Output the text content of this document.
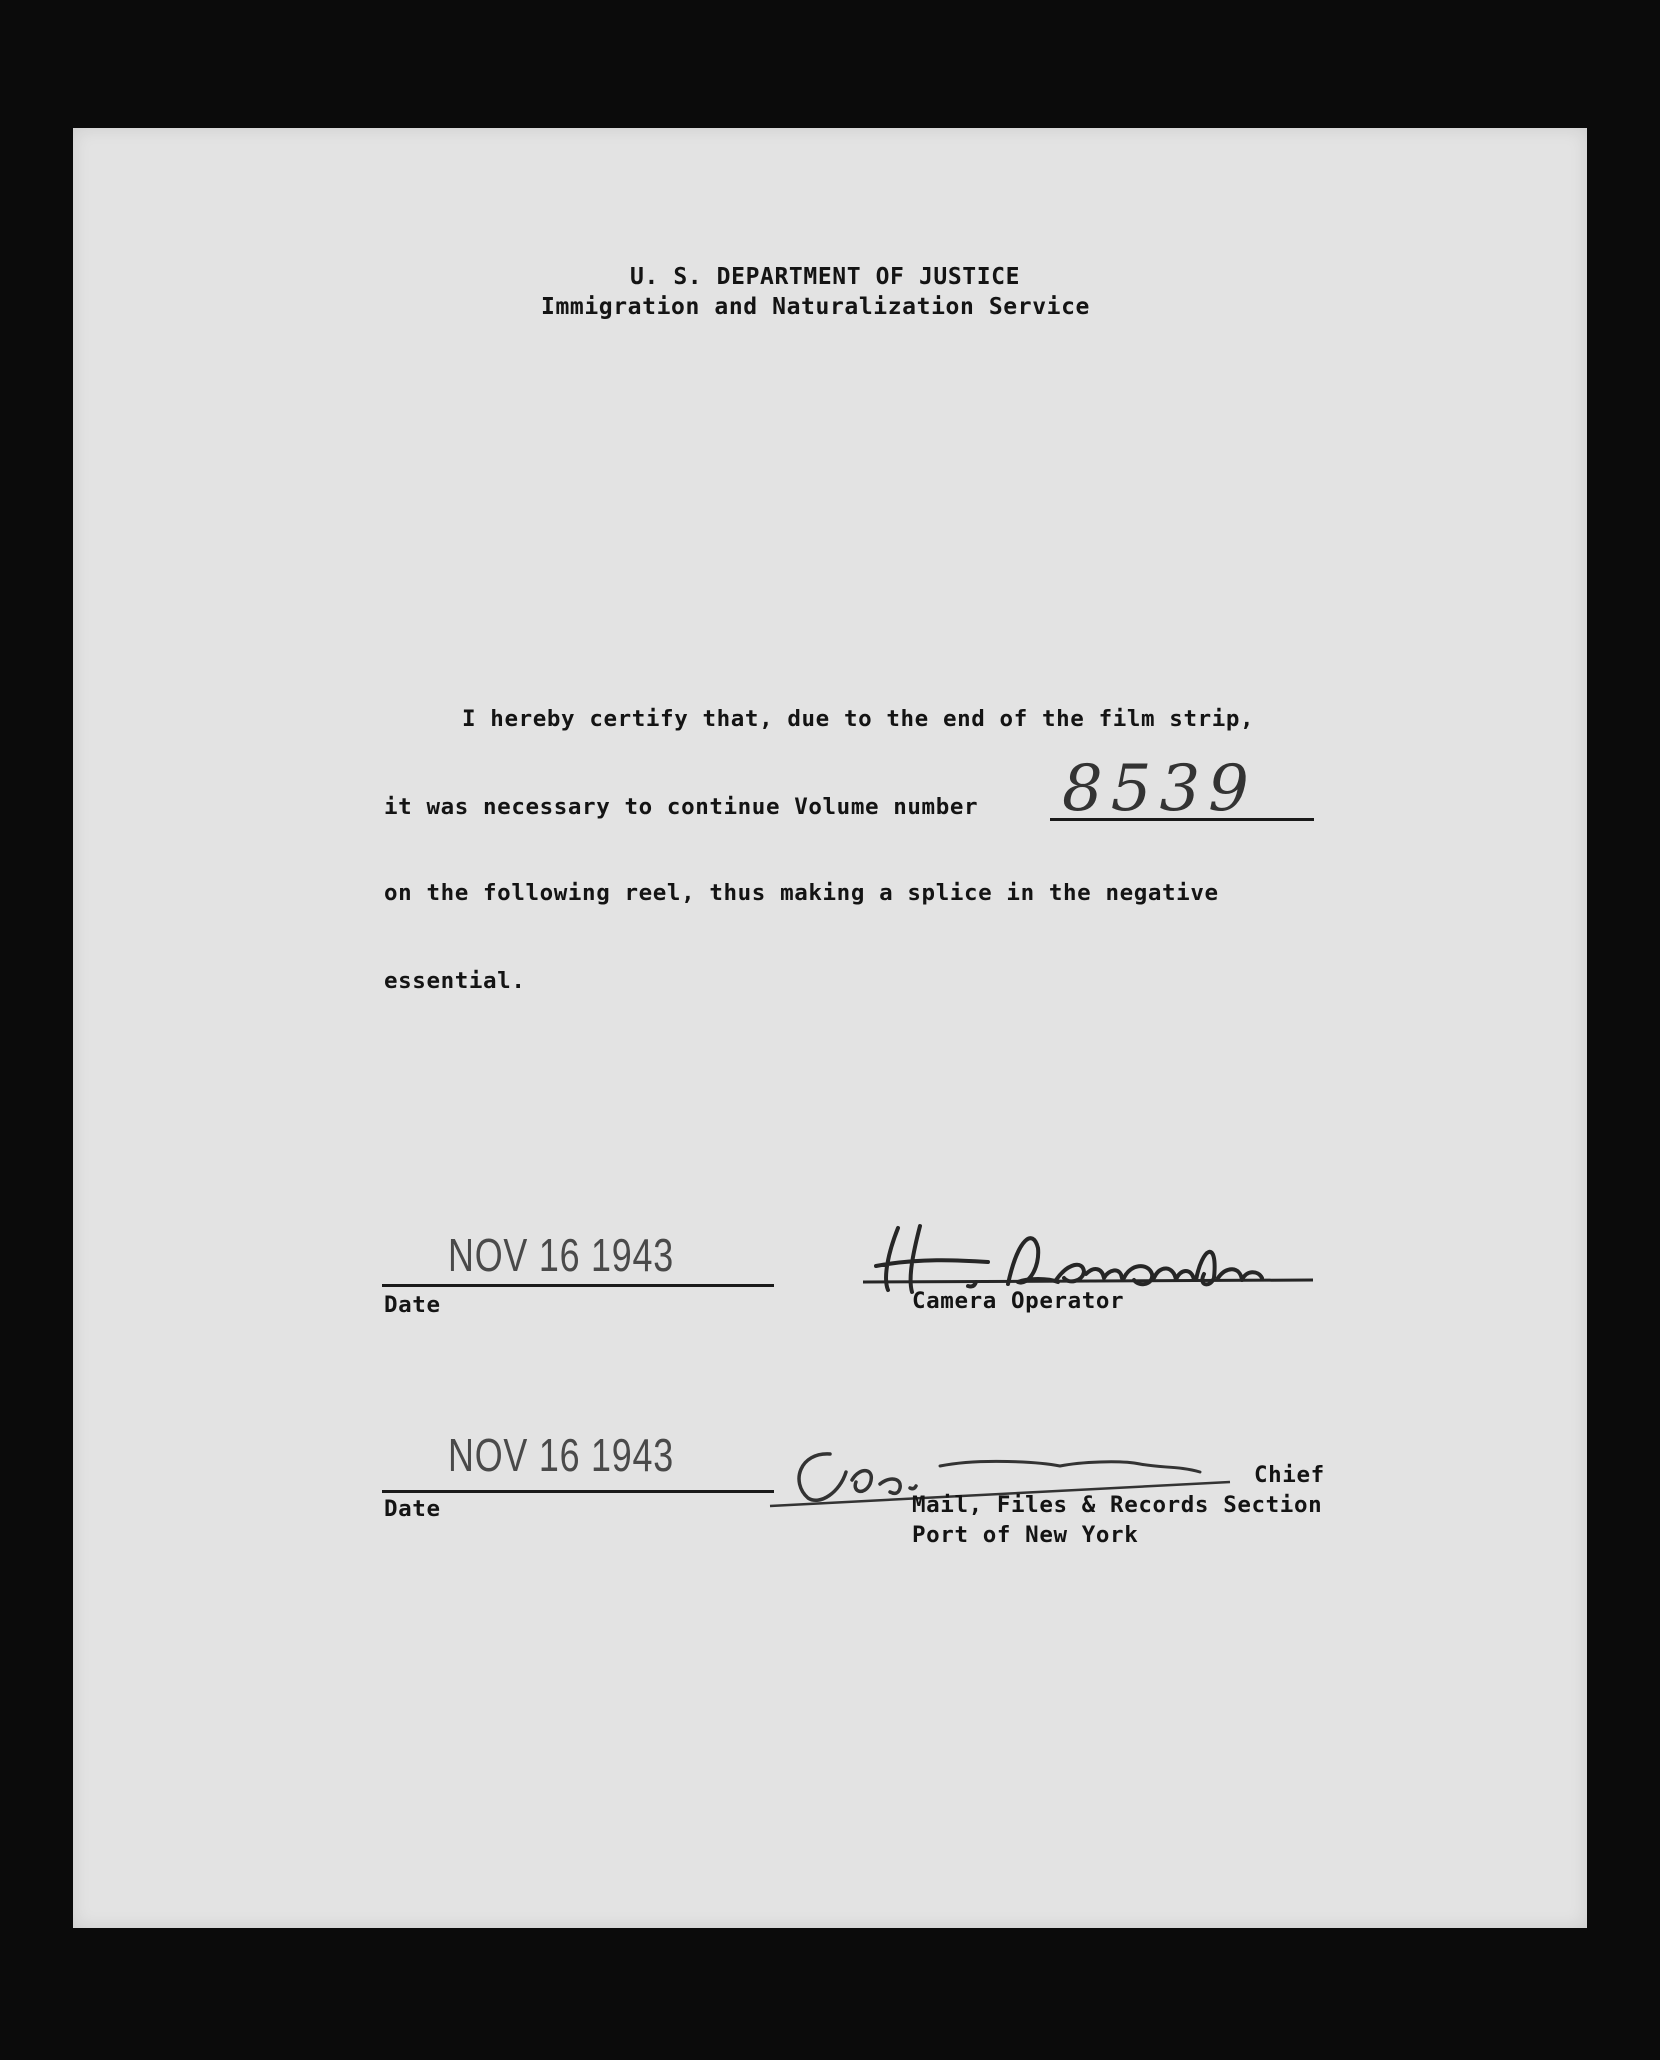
U. S. DEPARTMENT OF JUSTICE
Immigration and Naturalization Service
I hereby certify that, due to the end of the film strip,
it was necessary to continue Volume number 8539
on the following reel, thus making a splice in the negative
essential.
NOV 16 1943
Date	Camera Operator
NOV 16 1943
Date
Chief
Mail, Files & Records Section
Port of New York
